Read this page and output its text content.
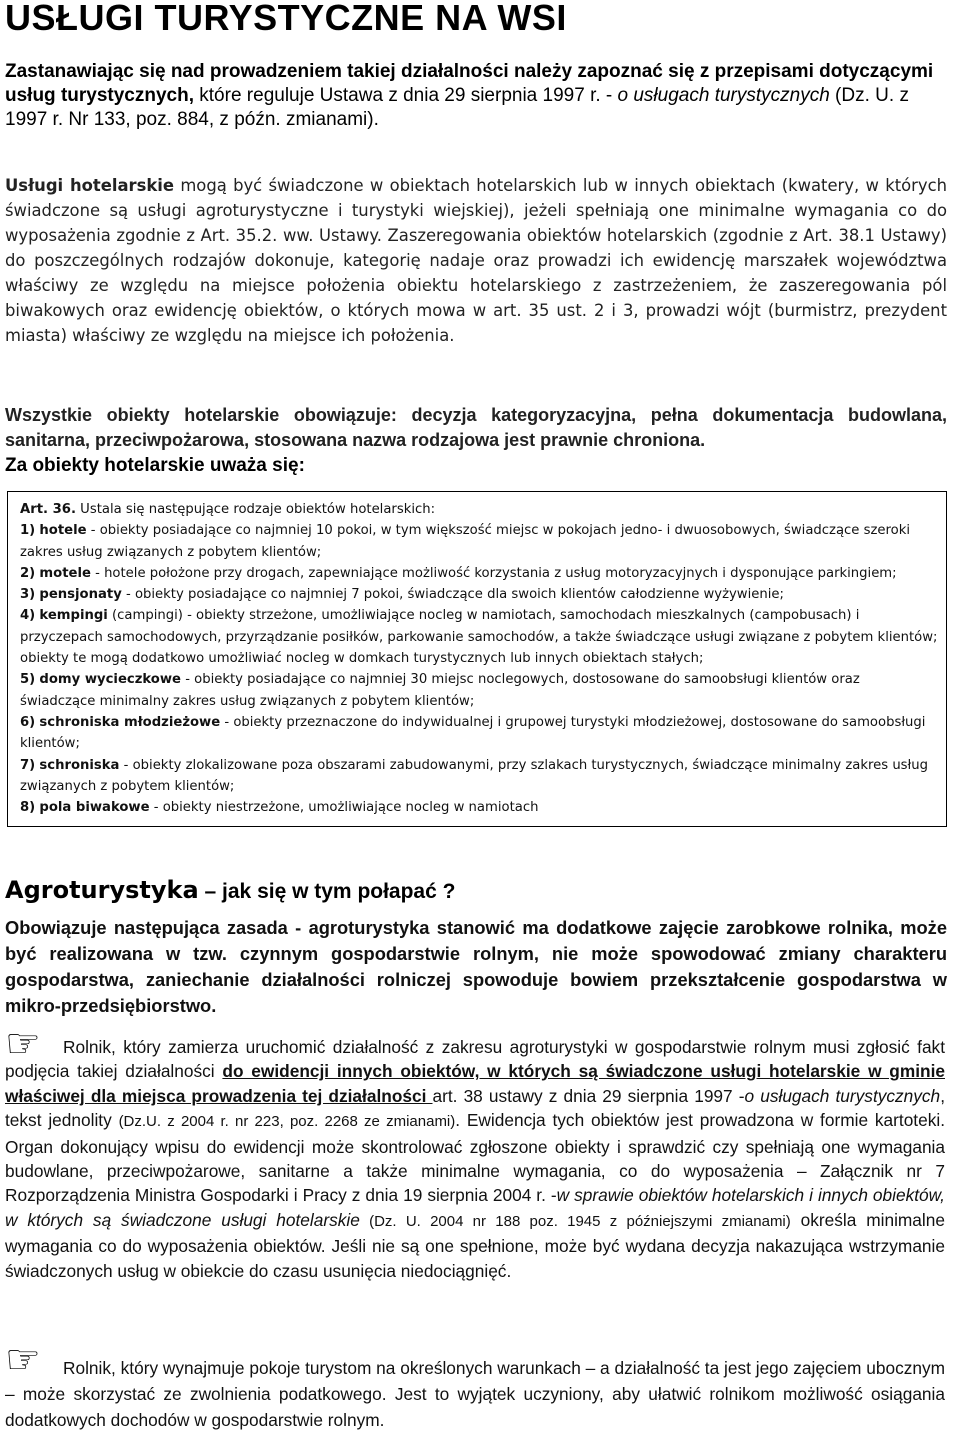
USŁUGI TURYSTYCZNE NA WSI

Zastanawiając się nad prowadzeniem takiej działalności należy zapoznać się z przepisami dotyczącymi usług turystycznych, które reguluje Ustawa z dnia 29 sierpnia 1997 r. - o usługach turystycznych (Dz. U. z 1997 r. Nr 133, poz. 884, z późn. zmianami).

Usługi hotelarskie mogą być świadczone w obiektach hotelarskich lub w innych obiektach (kwatery, w których świadczone są usługi agroturystyczne i turystyki wiejskiej), jeżeli spełniają one minimalne wymagania co do wyposażenia zgodnie z Art. 35.2. ww. Ustawy. Zaszeregowania obiektów hotelarskich (zgodnie z Art. 38.1 Ustawy) do poszczególnych rodzajów dokonuje, kategorię nadaje oraz prowadzi ich ewidencję marszałek województwa właściwy ze względu na miejsce położenia obiektu hotelarskiego z zastrzeżeniem, że zaszeregowania pól biwakowych oraz ewidencję obiektów, o których mowa w art. 35 ust. 2 i 3, prowadzi wójt (burmistrz, prezydent miasta) właściwy ze względu na miejsce ich położenia.

Wszystkie obiekty hotelarskie obowiązuje: decyzja kategoryzacyjna, pełna dokumentacja budowlana, sanitarna, przeciwpożarowa, stosowana nazwa rodzajowa jest prawnie chroniona.

Za obiekty hotelarskie uważa się:

Art. 36. Ustala się następujące rodzaje obiektów hotelarskich:

1) hotele - obiekty posiadające co najmniej 10 pokoi, w tym większość miejsc w pokojach jedno- i dwuosobowych, świadczące szeroki zakres usług związanych z pobytem klientów;

2) motele - hotele położone przy drogach, zapewniające możliwość korzystania z usług motoryzacyjnych i dysponujące parkingiem;

3) pensjonaty - obiekty posiadające co najmniej 7 pokoi, świadczące dla swoich klientów całodzienne wyżywienie;

4) kempingi (campingi) - obiekty strzeżone, umożliwiające nocleg w namiotach, samochodach mieszkalnych (campobusach) i przyczepach samochodowych, przyrządzanie posiłków, parkowanie samochodów, a także świadczące usługi związane z pobytem klientów; obiekty te mogą dodatkowo umożliwiać nocleg w domkach turystycznych lub innych obiektach stałych;

5) domy wycieczkowe - obiekty posiadające co najmniej 30 miejsc noclegowych, dostosowane do samoobsługi klientów oraz świadczące minimalny zakres usług związanych z pobytem klientów;

6) schroniska młodzieżowe - obiekty przeznaczone do indywidualnej i grupowej turystyki młodzieżowej, dostosowane do samoobsługi klientów;

7) schroniska - obiekty zlokalizowane poza obszarami zabudowanymi, przy szlakach turystycznych, świadczące minimalny zakres usług związanych z pobytem klientów;

8) pola biwakowe - obiekty niestrzeżone, umożliwiające nocleg w namiotach

Agroturystyka – jak się w tym połapać ?

Obowiązuje następująca zasada - agroturystyka stanowić ma dodatkowe zajęcie zarobkowe rolnika, może być realizowana w tzw. czynnym gospodarstwie rolnym, nie może spowodować zmiany charakteru gospodarstwa, zaniechanie działalności rolniczej spowoduje bowiem przekształcenie gospodarstwa w mikro-przedsiębiorstwo.

☞	Rolnik, który zamierza uruchomić działalność z zakresu agroturystyki w gospodarstwie rolnym musi zgłosić fakt podjęcia takiej działalności do ewidencji innych obiektów, w których są świadczone usługi hotelarskie w gminie właściwej dla miejsca prowadzenia tej działalności art. 38 ustawy z dnia 29 sierpnia 1997 -o usługach turystycznych, tekst jednolity (Dz.U. z 2004 r. nr 223, poz. 2268 ze zmianami). Ewidencja tych obiektów jest prowadzona w formie kartoteki. Organ dokonujący wpisu do ewidencji może skontrolować zgłoszone obiekty i sprawdzić czy spełniają one wymagania budowlane, przeciwpożarowe, sanitarne a także minimalne wymagania, co do wyposażenia – Załącznik nr 7 Rozporządzenia Ministra Gospodarki i Pracy z dnia 19 sierpnia 2004 r. -w sprawie obiektów hotelarskich i innych obiektów, w których są świadczone usługi hotelarskie (Dz. U. 2004 nr 188 poz. 1945 z późniejszymi zmianami) określa minimalne wymagania co do wyposażenia obiektów. Jeśli nie są one spełnione, może być wydana decyzja nakazująca wstrzymanie świadczonych usług w obiekcie do czasu usunięcia niedociągnięć.

☞	Rolnik, który wynajmuje pokoje turystom na określonych warunkach – a działalność ta jest jego zajęciem ubocznym – może skorzystać ze zwolnienia podatkowego. Jest to wyjątek uczyniony, aby ułatwić rolnikom możliwość osiągania dodatkowych dochodów w gospodarstwie rolnym.
